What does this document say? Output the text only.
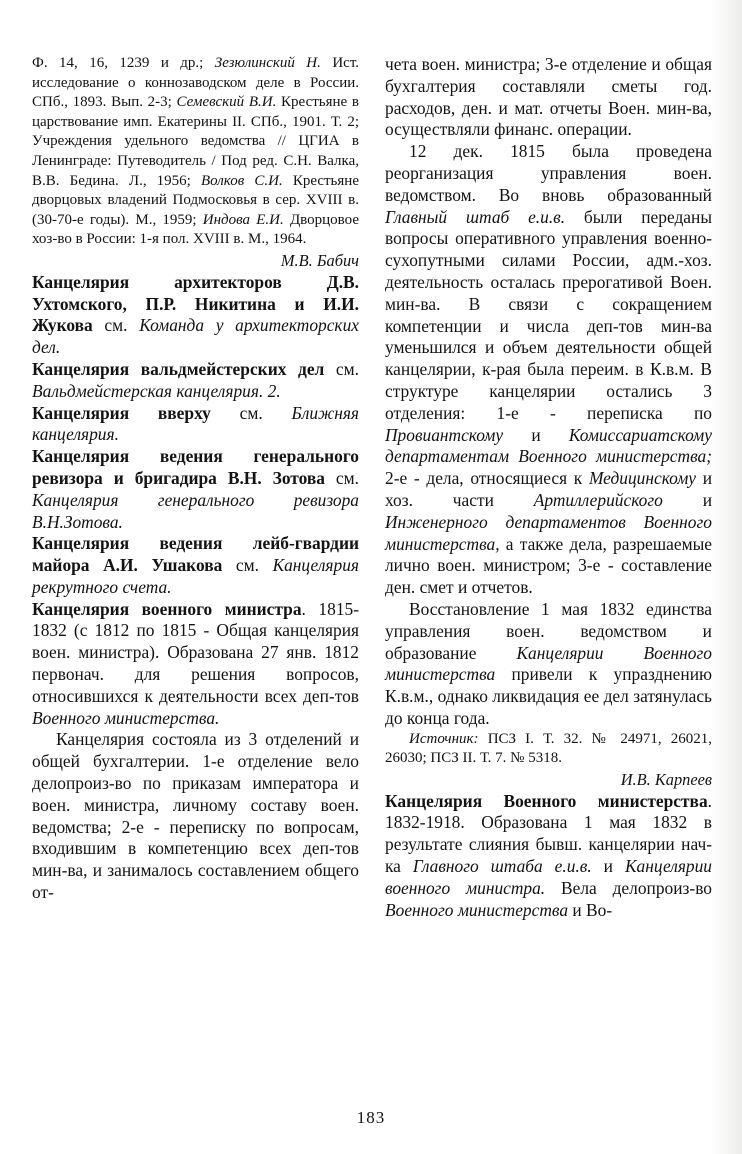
Ф. 14, 16, 1239 и др.; Зезюлинский Н. Ист. исследование о коннозаводском деле в России. СПб., 1893. Вып. 2-3; Семевский В.И. Крестьяне в царствование имп. Екатерины II. СПб., 1901. Т. 2; Учреждения удельного ведомства // ЦГИА в Ленинграде: Путеводитель / Под ред. С.Н. Валка, В.В. Бедина. Л., 1956; Волков С.И. Крестьяне дворцовых владений Подмосковья в сер. XVIII в. (30-70-е годы). М., 1959; Индова Е.И. Дворцовое хоз-во в России: 1-я пол. XVIII в. М., 1964.

М.В. Бабич

Канцелярия архитекторов Д.В. Ухтомского, П.Р. Никитина и И.И. Жукова см. Команда у архитекторских дел.

Канцелярия вальдмейстерских дел см. Вальдмейстерская канцелярия. 2.

Канцелярия вверху см. Ближняя канцелярия.

Канцелярия ведения генерального ревизора и бригадира В.Н. Зотова см. Канцелярия генерального ревизора В.Н.Зотова.

Канцелярия ведения лейб-гвардии майора А.И. Ушакова см. Канцелярия рекрутного счета.

Канцелярия военного министра. 1815-1832 (с 1812 по 1815 - Общая канцелярия воен. министра). Образована 27 янв. 1812 первонач. для решения вопросов, относившихся к деятельности всех деп-тов Военного министерства.

Канцелярия состояла из 3 отделений и общей бухгалтерии. 1-е отделение вело делопроиз-во по приказам императора и воен. министра, личному составу воен. ведомства; 2-е - переписку по вопросам, входившим в компетенцию всех деп-тов мин-ва, и занималось составлением общего от-

чета воен. министра; 3-е отделение и общая бухгалтерия составляли сметы год. расходов, ден. и мат. отчеты Воен. мин-ва, осуществляли финанс. операции.

12 дек. 1815 была проведена реорганизация управления воен. ведомством. Во вновь образованный Главный штаб е.и.в. были переданы вопросы оперативного управления военно-сухопутными силами России, адм.-хоз. деятельность осталась прерогативой Воен. мин-ва. В связи с сокращением компетенции и числа деп-тов мин-ва уменьшился и объем деятельности общей канцелярии, к-рая была переим. в К.в.м. В структуре канцелярии остались 3 отделения: 1-е - переписка по Провиантскому и Комиссариатскому департаментам Военного министерства; 2-е - дела, относящиеся к Медицинскому и хоз. части Артиллерийского и Инженерного департаментов Военного министерства, а также дела, разрешаемые лично воен. министром; 3-е - составление ден. смет и отчетов.

Восстановление 1 мая 1832 единства управления воен. ведомством и образование Канцелярии Военного министерства привели к упразднению К.в.м., однако ликвидация ее дел затянулась до конца года.

Источник: ПСЗ I. Т. 32. № 24971, 26021, 26030; ПСЗ II. Т. 7. № 5318.

И.В. Карпеев

Канцелярия Военного министерства. 1832-1918. Образована 1 мая 1832 в результате слияния бывш. канцелярии нач-ка Главного штаба е.и.в. и Канцелярии военного министра. Вела делопроиз-во Военного министерства и Во-

183
